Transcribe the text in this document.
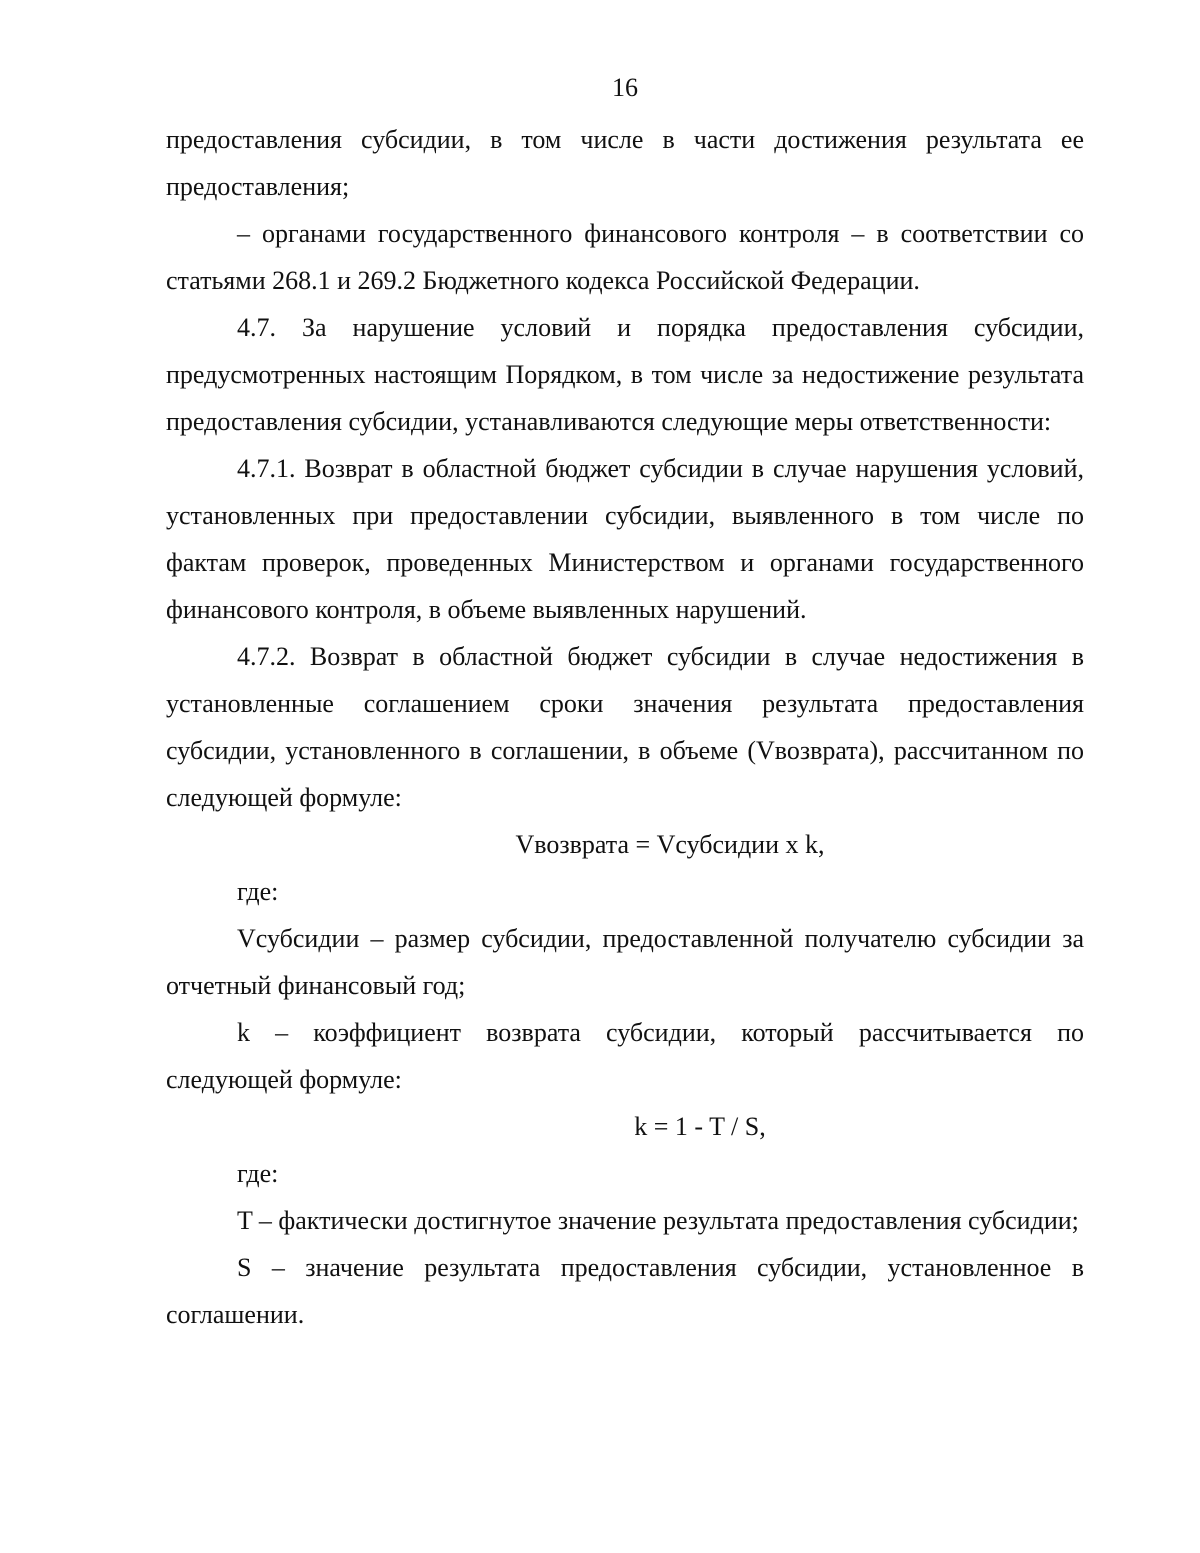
16

предоставления субсидии, в том числе в части достижения результата ее предоставления;

– органами государственного финансового контроля – в соответствии со статьями 268.1 и 269.2 Бюджетного кодекса Российской Федерации.

4.7. За нарушение условий и порядка предоставления субсидии, предусмотренных настоящим Порядком, в том числе за недостижение результата предоставления субсидии, устанавливаются следующие меры ответственности:

4.7.1. Возврат в областной бюджет субсидии в случае нарушения условий, установленных при предоставлении субсидии, выявленного в том числе по фактам проверок, проведенных Министерством и органами государственного финансового контроля, в объеме выявленных нарушений.

4.7.2. Возврат в областной бюджет субсидии в случае недостижения в установленные соглашением сроки значения результата предоставления субсидии, установленного в соглашении, в объеме (Vвозврата), рассчитанном по следующей формуле:

Vвозврата = Vсубсидии x k,

где:

Vсубсидии – размер субсидии, предоставленной получателю субсидии за отчетный финансовый год;

k – коэффициент возврата субсидии, который рассчитывается по следующей формуле:

k = 1 - T / S,

где:

T – фактически достигнутое значение результата предоставления субсидии;

S – значение результата предоставления субсидии, установленное в соглашении.
